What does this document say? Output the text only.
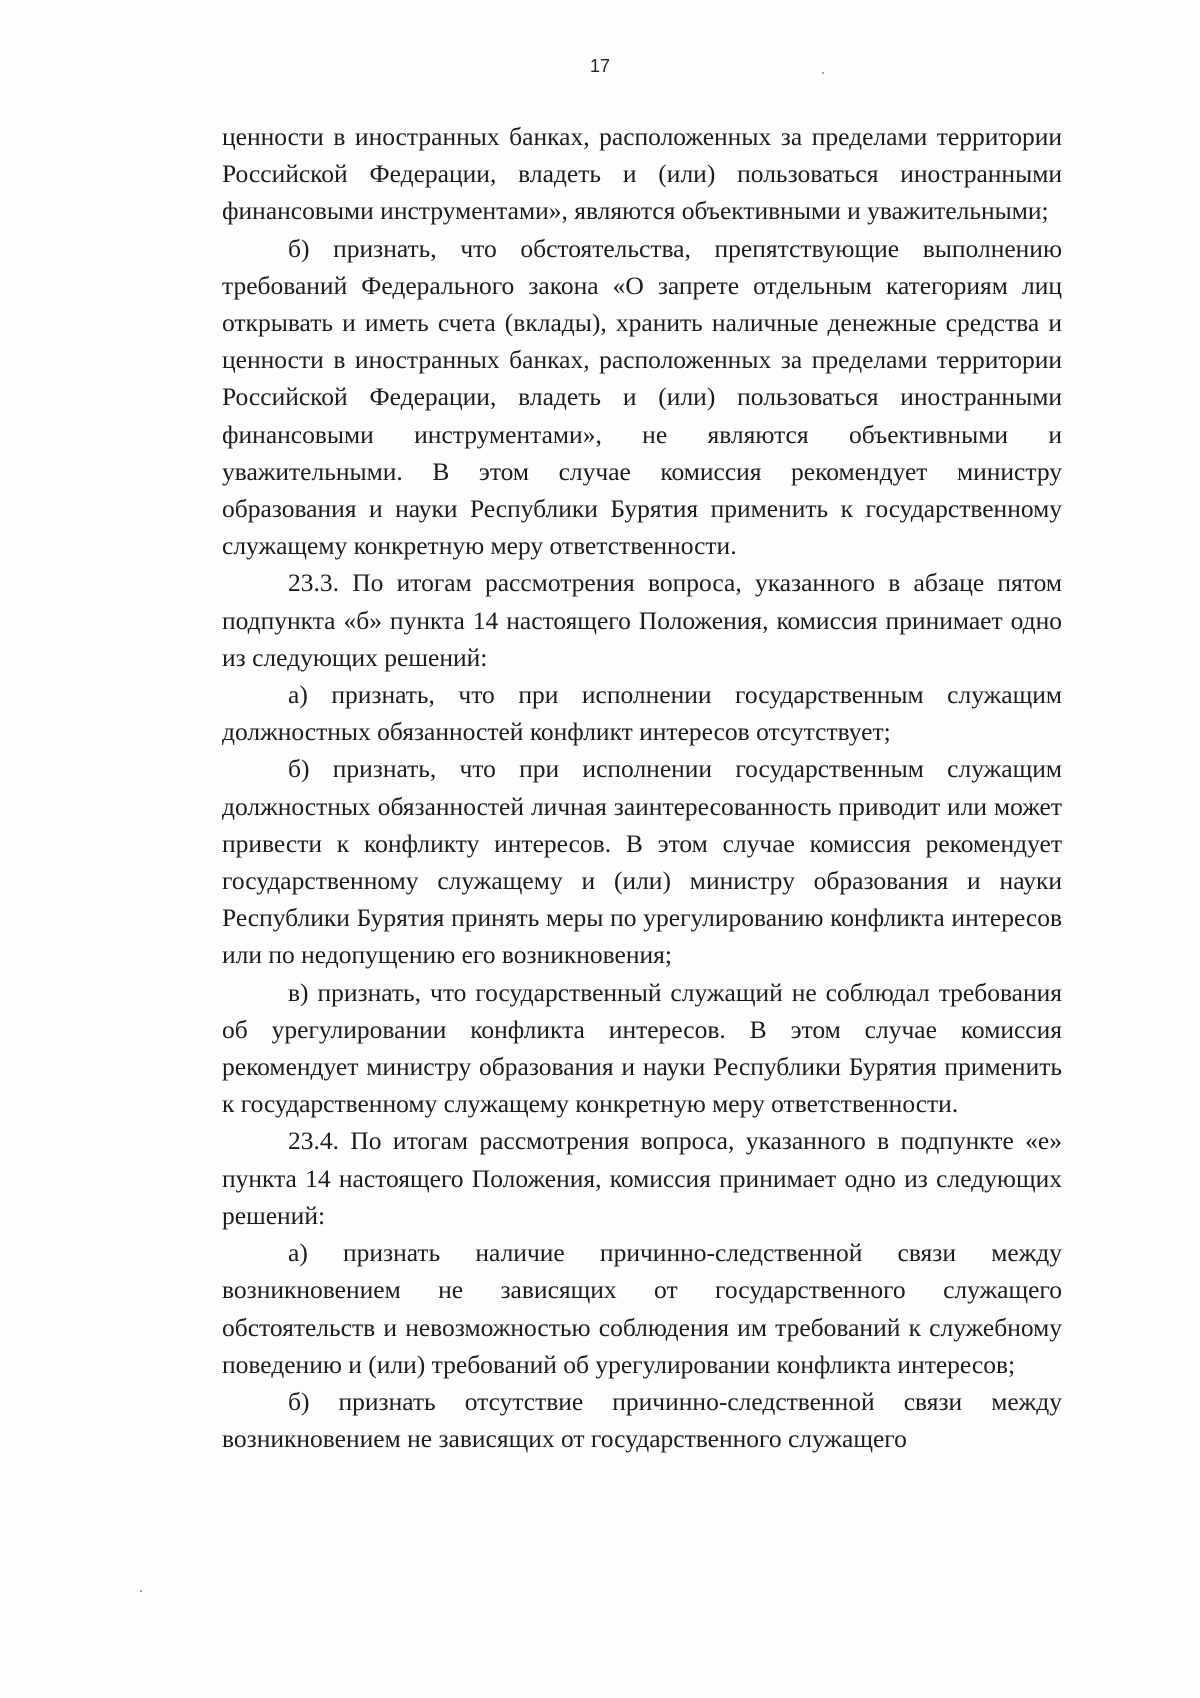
17

ценности в иностранных банках, расположенных за пределами территории Российской Федерации, владеть и (или) пользоваться иностранными финансовыми инструментами», являются объективными и уважительными;

б) признать, что обстоятельства, препятствующие выполнению требований Федерального закона «О запрете отдельным категориям лиц открывать и иметь счета (вклады), хранить наличные денежные средства и ценности в иностранных банках, расположенных за пределами территории Российской Федерации, владеть и (или) пользоваться иностранными финансовыми инструментами», не являются объективными и уважительными. В этом случае комиссия рекомендует министру образования и науки Республики Бурятия применить к государственному служащему конкретную меру ответственности.

23.3. По итогам рассмотрения вопроса, указанного в абзаце пятом подпункта «б» пункта 14 настоящего Положения, комиссия принимает одно из следующих решений:

а) признать, что при исполнении государственным служащим должностных обязанностей конфликт интересов отсутствует;

б) признать, что при исполнении государственным служащим должностных обязанностей личная заинтересованность приводит или может привести к конфликту интересов. В этом случае комиссия рекомендует государственному служащему и (или) министру образования и науки Республики Бурятия принять меры по урегулированию конфликта интересов или по недопущению его возникновения;

в) признать, что государственный служащий не соблюдал требования об урегулировании конфликта интересов. В этом случае комиссия рекомендует министру образования и науки Республики Бурятия применить к государственному служащему конкретную меру ответственности.

23.4. По итогам рассмотрения вопроса, указанного в подпункте «е» пункта 14 настоящего Положения, комиссия принимает одно из следующих решений:

а) признать наличие причинно-следственной связи между возникновением не зависящих от государственного служащего обстоятельств и невозможностью соблюдения им требований к служебному поведению и (или) требований об урегулировании конфликта интересов;

б) признать отсутствие причинно-следственной связи между возникновением не зависящих от государственного служащего
